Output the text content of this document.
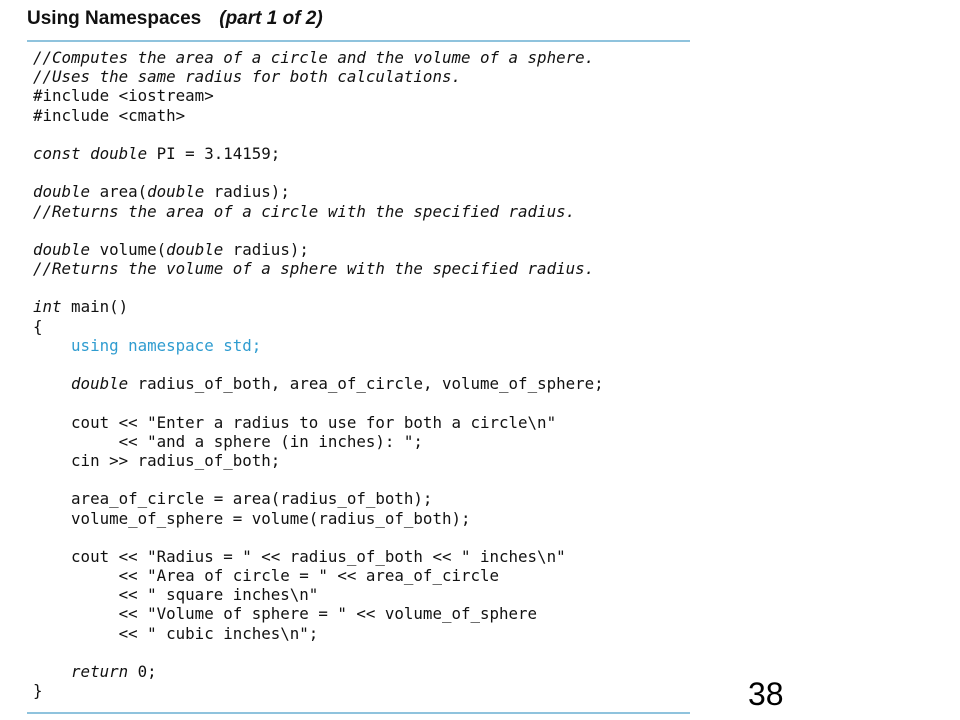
Using Namespaces (part 1 of 2)
//Computes the area of a circle and the volume of a sphere.
//Uses the same radius for both calculations.
#include <iostream>
#include <cmath>
const double PI = 3.14159;
double area(double radius);
//Returns the area of a circle with the specified radius.
double volume(double radius);
//Returns the volume of a sphere with the specified radius.
int main()
{
using namespace std;
double radius_of_both, area_of_circle, volume_of_sphere;
cout << "Enter a radius to use for both a circle\n"
<< "and a sphere (in inches): ";
cin >> radius_of_both;
area_of_circle = area(radius_of_both);
volume_of_sphere = volume(radius_of_both);
cout << "Radius = " << radius_of_both << " inches\n"
<< "Area of circle = " << area_of_circle
<< " square inches\n"
<< "Volume of sphere = " << volume_of_sphere
<< " cubic inches\n";
return 0;
}	38
